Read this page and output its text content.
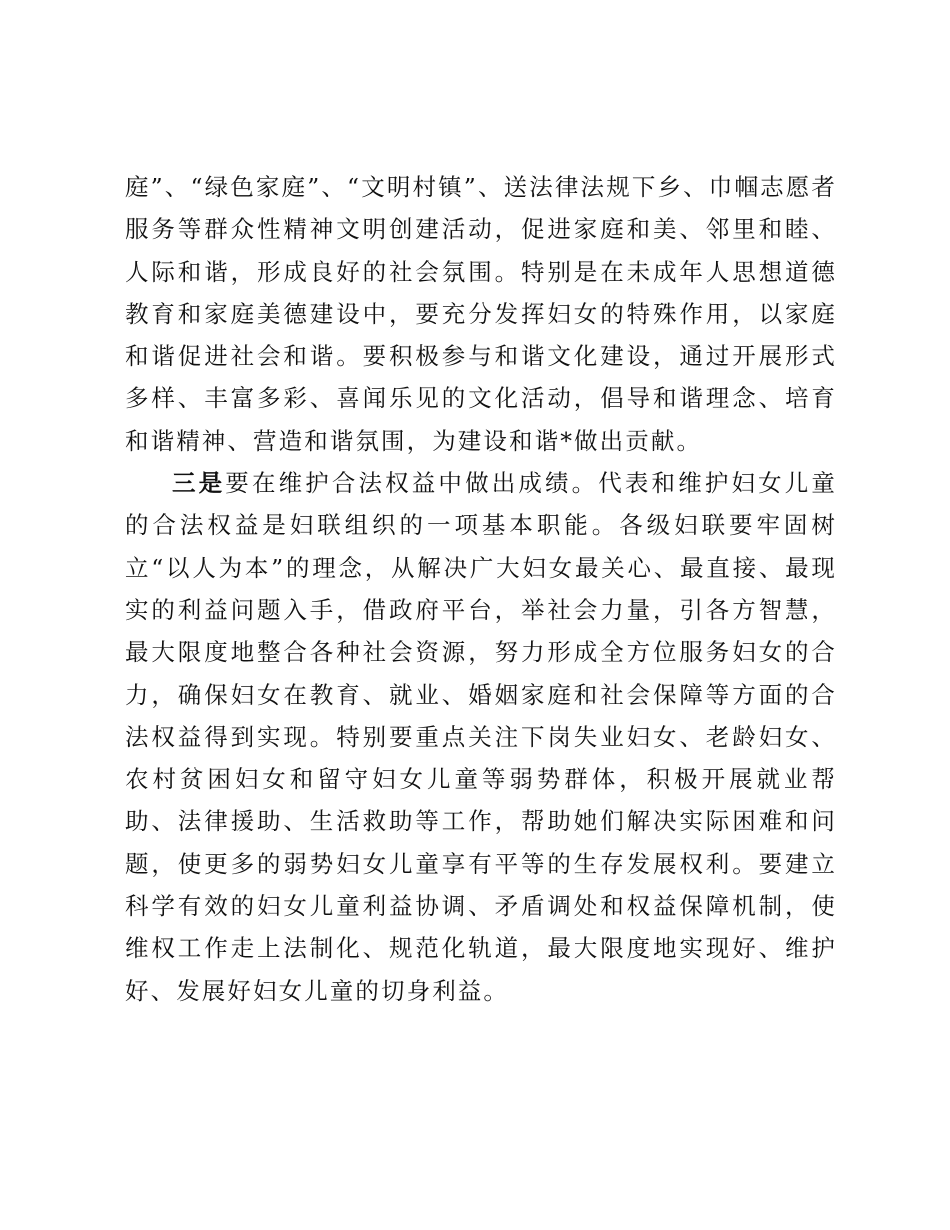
庭”、“绿色家庭”、“文明村镇”、送法律法规下乡、巾帼志愿者服务等群众性精神文明创建活动，促进家庭和美、邻里和睦、人际和谐，形成良好的社会氛围。特别是在未成年人思想道德教育和家庭美德建设中，要充分发挥妇女的特殊作用，以家庭和谐促进社会和谐。要积极参与和谐文化建设，通过开展形式多样、丰富多彩、喜闻乐见的文化活动，倡导和谐理念、培育和谐精神、营造和谐氛围，为建设和谐*做出贡献。

三是要在维护合法权益中做出成绩。代表和维护妇女儿童的合法权益是妇联组织的一项基本职能。各级妇联要牢固树立“以人为本”的理念，从解决广大妇女最关心、最直接、最现实的利益问题入手，借政府平台，举社会力量，引各方智慧，最大限度地整合各种社会资源，努力形成全方位服务妇女的合力，确保妇女在教育、就业、婚姻家庭和社会保障等方面的合法权益得到实现。特别要重点关注下岗失业妇女、老龄妇女、农村贫困妇女和留守妇女儿童等弱势群体，积极开展就业帮助、法律援助、生活救助等工作，帮助她们解决实际困难和问题，使更多的弱势妇女儿童享有平等的生存发展权利。要建立科学有效的妇女儿童利益协调、矛盾调处和权益保障机制，使维权工作走上法制化、规范化轨道，最大限度地实现好、维护好、发展好妇女儿童的切身利益。
